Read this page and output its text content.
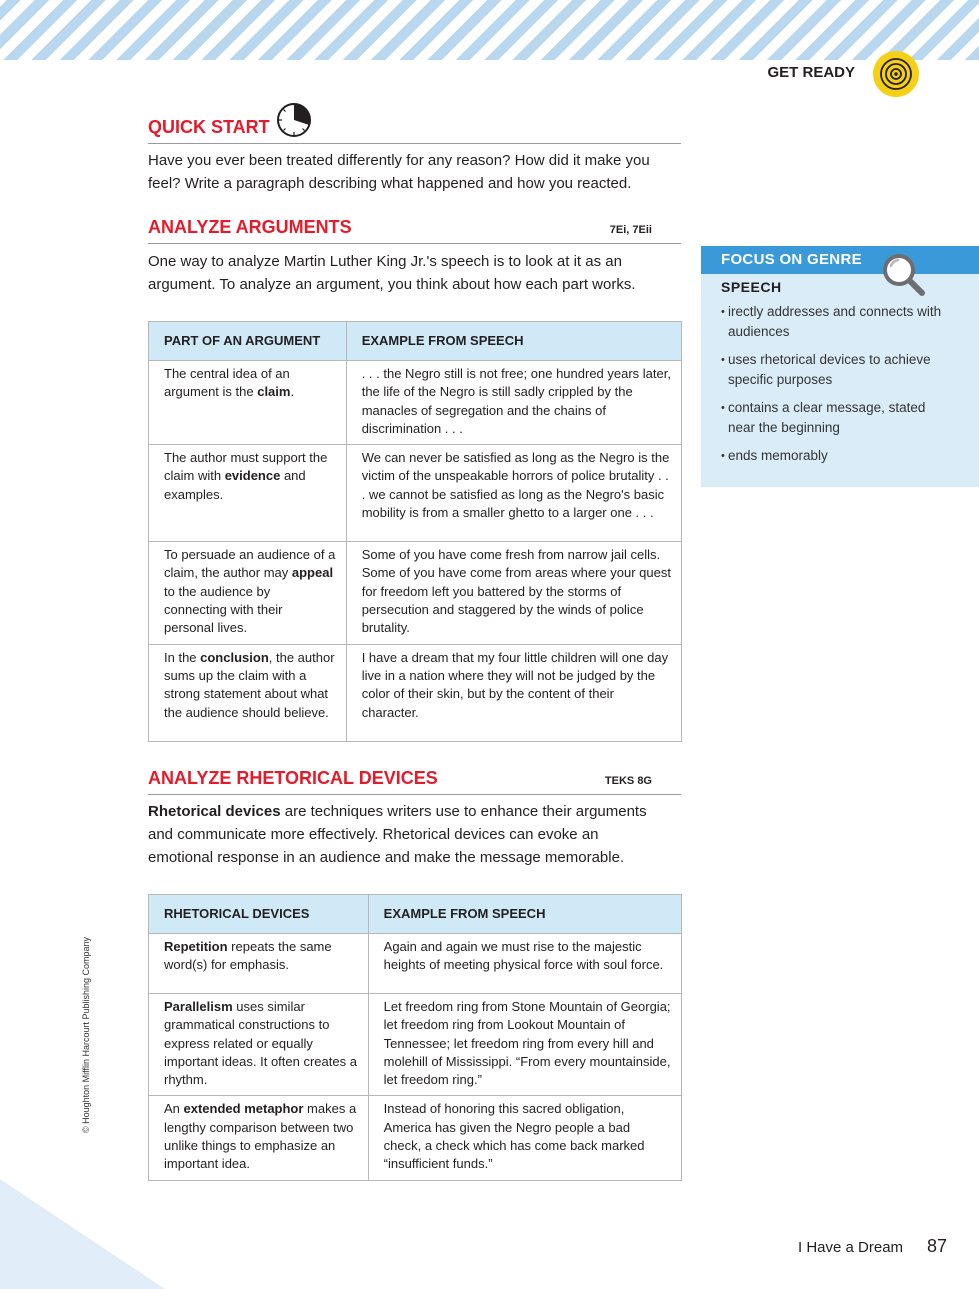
GET READY
QUICK START
Have you ever been treated differently for any reason? How did it make you feel? Write a paragraph describing what happened and how you reacted.
ANALYZE ARGUMENTS	7Ei, 7Eii
One way to analyze Martin Luther King Jr.'s speech is to look at it as an argument. To analyze an argument, you think about how each part works.
PART OF AN ARGUMENT	EXAMPLE FROM SPEECH
The central idea of an argument is the claim.	. . . the Negro still is not free; one hundred years later, the life of the Negro is still sadly crippled by the manacles of segregation and the chains of discrimination . . .
The author must support the claim with evidence and examples.	We can never be satisfied as long as the Negro is the victim of the unspeakable horrors of police brutality . . . we cannot be satisfied as long as the Negro's basic mobility is from a smaller ghetto to a larger one . . .
To persuade an audience of a claim, the author may appeal to the audience by connecting with their personal lives.	Some of you have come fresh from narrow jail cells. Some of you have come from areas where your quest for freedom left you battered by the storms of persecution and staggered by the winds of police brutality.
In the conclusion, the author sums up the claim with a strong statement about what the audience should believe.	I have a dream that my four little children will one day live in a nation where they will not be judged by the color of their skin, but by the content of their character.
ANALYZE RHETORICAL DEVICES	TEKS 8G
Rhetorical devices are techniques writers use to enhance their arguments and communicate more effectively. Rhetorical devices can evoke an emotional response in an audience and make the message memorable.
RHETORICAL DEVICES	EXAMPLE FROM SPEECH
Repetition repeats the same word(s) for emphasis.	Again and again we must rise to the majestic heights of meeting physical force with soul force.
Parallelism uses similar grammatical constructions to express related or equally important ideas. It often creates a rhythm.	Let freedom ring from Stone Mountain of Georgia; let freedom ring from Lookout Mountain of Tennessee; let freedom ring from every hill and molehill of Mississippi. “From every mountainside, let freedom ring.”
An extended metaphor makes a lengthy comparison between two unlike things to emphasize an important idea.	Instead of honoring this sacred obligation, America has given the Negro people a bad check, a check which has come back marked “insufficient funds.”
FOCUS ON GENRE
SPEECH
• irectly addresses and connects with audiences
• uses rhetorical devices to achieve specific purposes
• contains a clear message, stated near the beginning
• ends memorably
© Houghton Mifflin Harcourt Publishing Company
I Have a Dream 87
